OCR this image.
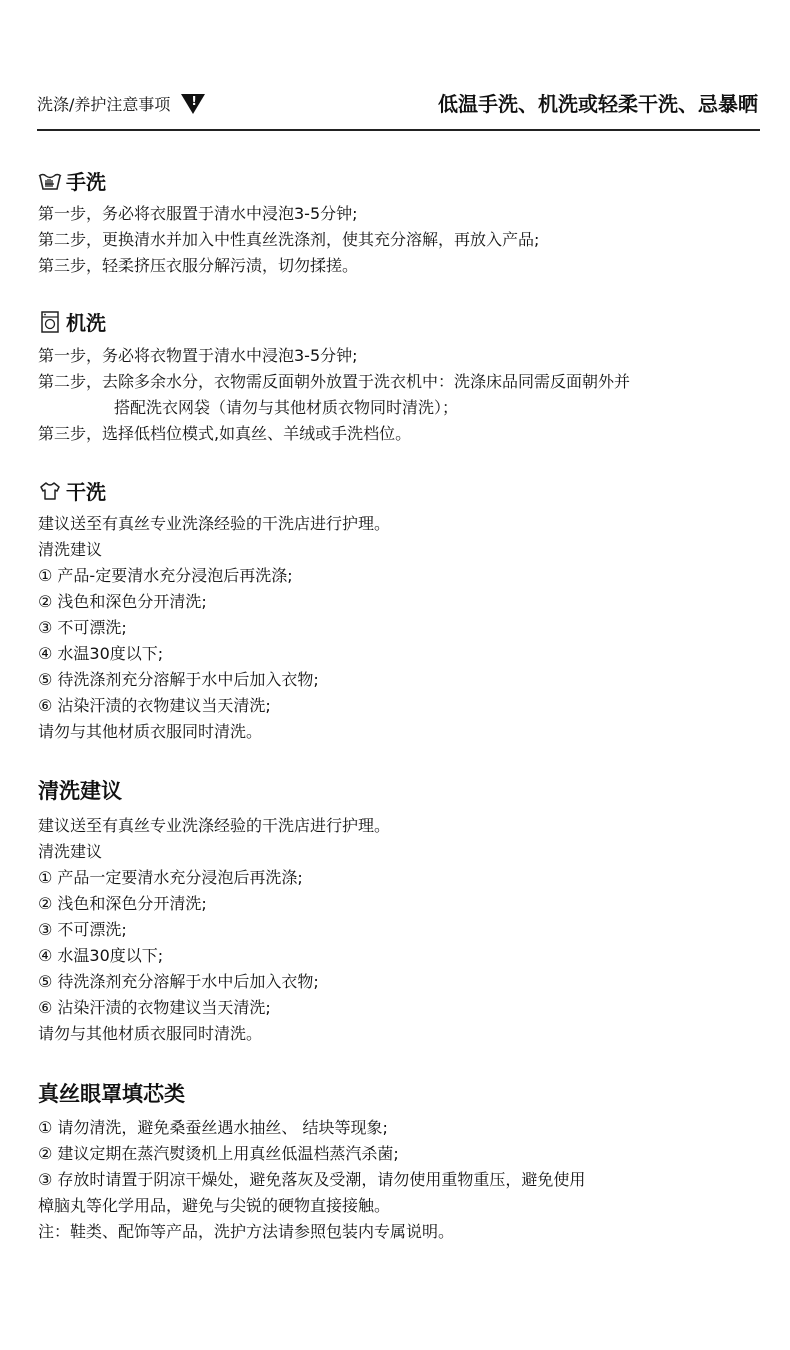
洗涤/养护注意事项 !	低温手洗、机洗或轻柔干洗、忌暴晒
手洗
第一步，务必将衣服置于清水中浸泡3-5分钟;
第二步，更换清水并加入中性真丝洗涤剂，使其充分溶解，再放入产品;
第三步，轻柔挤压衣服分解污渍，切勿揉搓。
机洗
第一步，务必将衣物置于清水中浸泡3-5分钟;
第二步，去除多余水分，衣物需反面朝外放置于洗衣机中：洗涤床品同需反面朝外并
搭配洗衣网袋（请勿与其他材质衣物同时清洗）；
第三步，选择低档位模式,如真丝、羊绒或手洗档位。
干洗
建议送至有真丝专业洗涤经验的干洗店进行护理。
清洗建议
① 产品-定要清水充分浸泡后再洗涤;
② 浅色和深色分开清洗;
③ 不可漂洗;
④ 水温30度以下;
⑤ 待洗涤剂充分溶解于水中后加入衣物;
⑥ 沾染汗渍的衣物建议当天清洗;
请勿与其他材质衣服同时清洗。
清洗建议
建议送至有真丝专业洗涤经验的干洗店进行护理。
清洗建议
① 产品一定要清水充分浸泡后再洗涤;
② 浅色和深色分开清洗;
③ 不可漂洗;
④ 水温30度以下;
⑤ 待洗涤剂充分溶解于水中后加入衣物;
⑥ 沾染汗渍的衣物建议当天清洗;
请勿与其他材质衣服同时清洗。
真丝眼罩填芯类
① 请勿清洗，避免桑蚕丝遇水抽丝、 结块等现象;
② 建议定期在蒸汽熨烫机上用真丝低温档蒸汽杀菌;
③ 存放时请置于阴凉干燥处，避免落灰及受潮，请勿使用重物重压，避免使用
樟脑丸等化学用品，避免与尖锐的硬物直接接触。
注：鞋类、配饰等产品，洗护方法请参照包装内专属说明。
